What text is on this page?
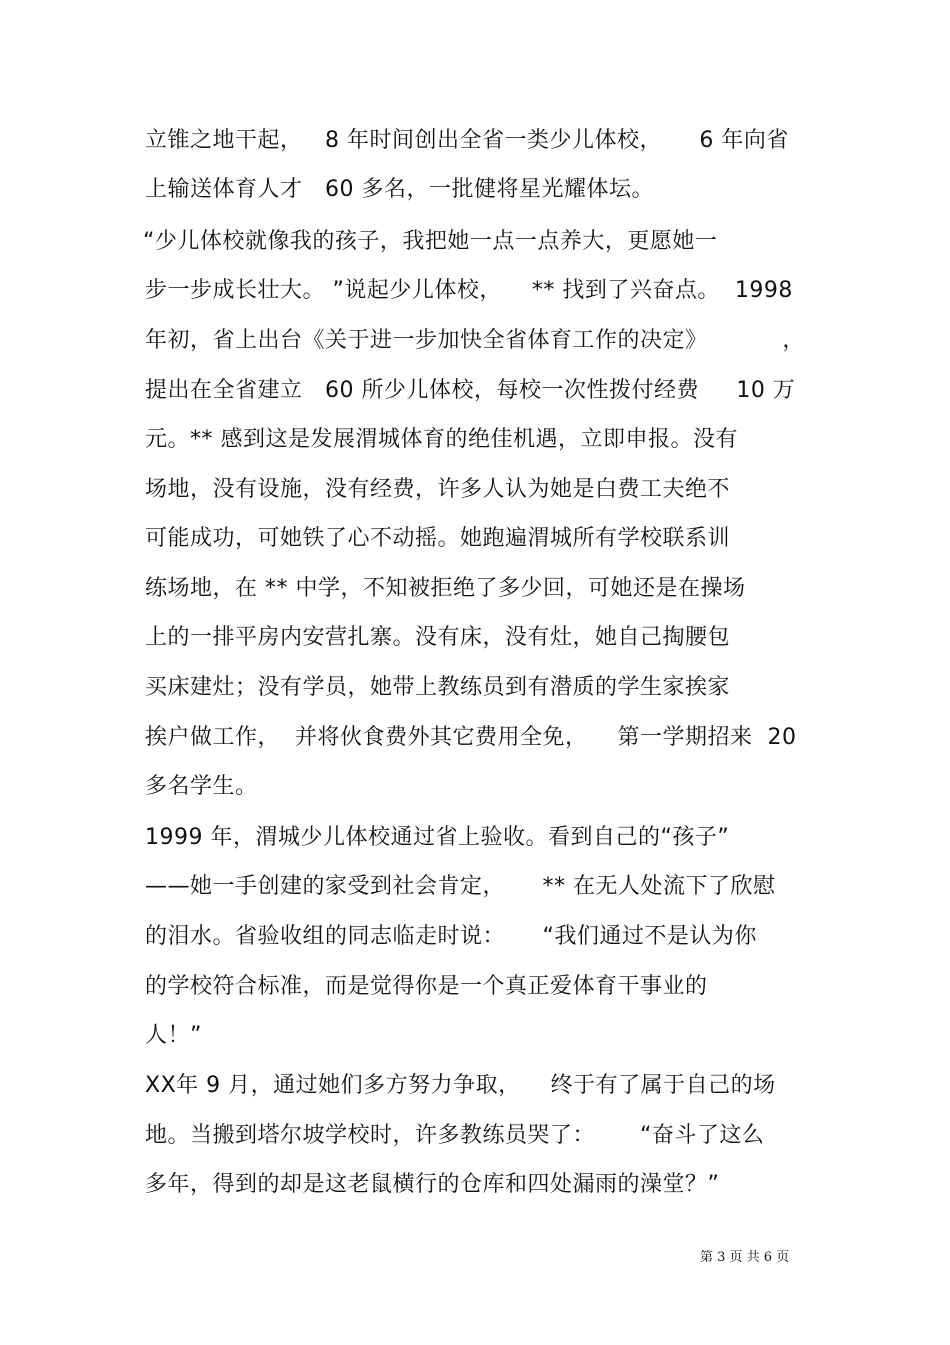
立锥之地干起，   8 年时间创出全省一类少儿体校，     6 年向省
上输送体育人才   60 多名，一批健将星光耀体坛。
“少儿体校就像我的孩子，我把她一点一点养大，更愿她一
步一步成长壮大。 ”说起少儿体校，    ** 找到了兴奋点。  1998
年初，省上出台《关于进一步加快全省体育工作的决定》          ，
提出在全省建立   60 所少儿体校，每校一次性拨付经费     10 万
元。** 感到这是发展渭城体育的绝佳机遇，立即申报。没有
场地，没有设施，没有经费，许多人认为她是白费工夫绝不
可能成功，可她铁了心不动摇。她跑遍渭城所有学校联系训
练场地，在 ** 中学，不知被拒绝了多少回，可她还是在操场
上的一排平房内安营扎寨。没有床，没有灶，她自己掏腰包
买床建灶；没有学员，她带上教练员到有潜质的学生家挨家
挨户做工作，  并将伙食费外其它费用全免，    第一学期招来  20
多名学生。
1999 年，渭城少儿体校通过省上验收。看到自己的“孩子”
——她一手创建的家受到社会肯定，     ** 在无人处流下了欣慰
的泪水。省验收组的同志临走时说：     “我们通过不是认为你
的学校符合标准，而是觉得你是一个真正爱体育干事业的
人！”
XX年 9 月，通过她们多方努力争取，    终于有了属于自己的场
地。当搬到塔尔坡学校时，许多教练员哭了：      “奋斗了这么
多年，得到的却是这老鼠横行的仓库和四处漏雨的澡堂？”
第 3 页 共 6 页
